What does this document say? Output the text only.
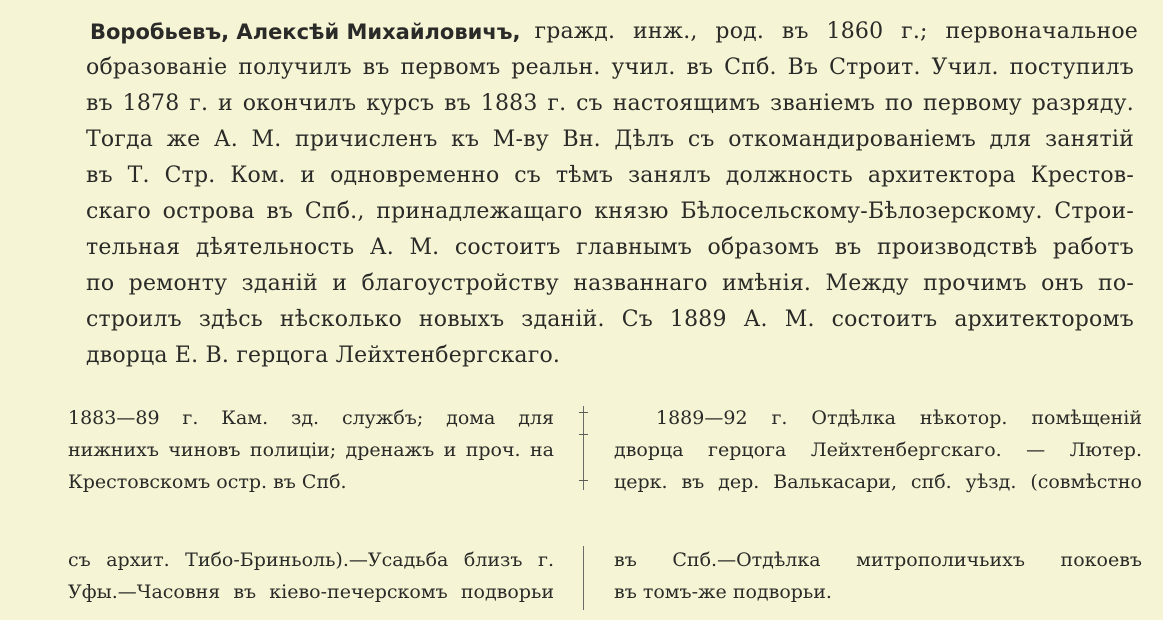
Воробьевъ, Алексѣй Михайловичъ, гражд. инж., род. въ 1860 г.; первоначальное
образованіе получилъ въ первомъ реальн. учил. въ Спб. Въ Строит. Учил. поступилъ
въ 1878 г. и окончилъ курсъ въ 1883 г. съ настоящимъ званіемъ по первому разряду.
Тогда же А. М. причисленъ къ М-ву Вн. Дѣлъ съ откомандированіемъ для занятій
въ Т. Стр. Ком. и одновременно съ тѣмъ занялъ должность архитектора Крестов-
скаго острова въ Спб., принадлежащаго князю Бѣлосельскому-Бѣлозерскому. Строи-
тельная дѣятельность А. М. состоитъ главнымъ образомъ въ производствѣ работъ
по ремонту зданій и благоустройству названнаго имѣнія. Между прочимъ онъ по-
строилъ здѣсь нѣсколько новыхъ зданій. Съ 1889 А. М. состоитъ архитекторомъ
дворца Е. В. герцога Лейхтенбергскаго.
1883—89 г. Кам. зд. службъ; дома для
нижнихъ чиновъ полиціи; дренажъ и проч. на
Крестовскомъ остр. въ Спб.
1889—92 г. Отдѣлка нѣкотор. помѣщеній
дворца герцога Лейхтенбергскаго. — Лютер.
церк. въ дер. Валькасари, спб. уѣзд. (совмѣстно
съ архит. Тибо-Бриньоль).—Усадьба близъ г.
Уфы.—Часовня въ кіево-печерскомъ подворьи
въ Спб.—Отдѣлка митрополичьихъ покоевъ
въ томъ-же подворьи.
